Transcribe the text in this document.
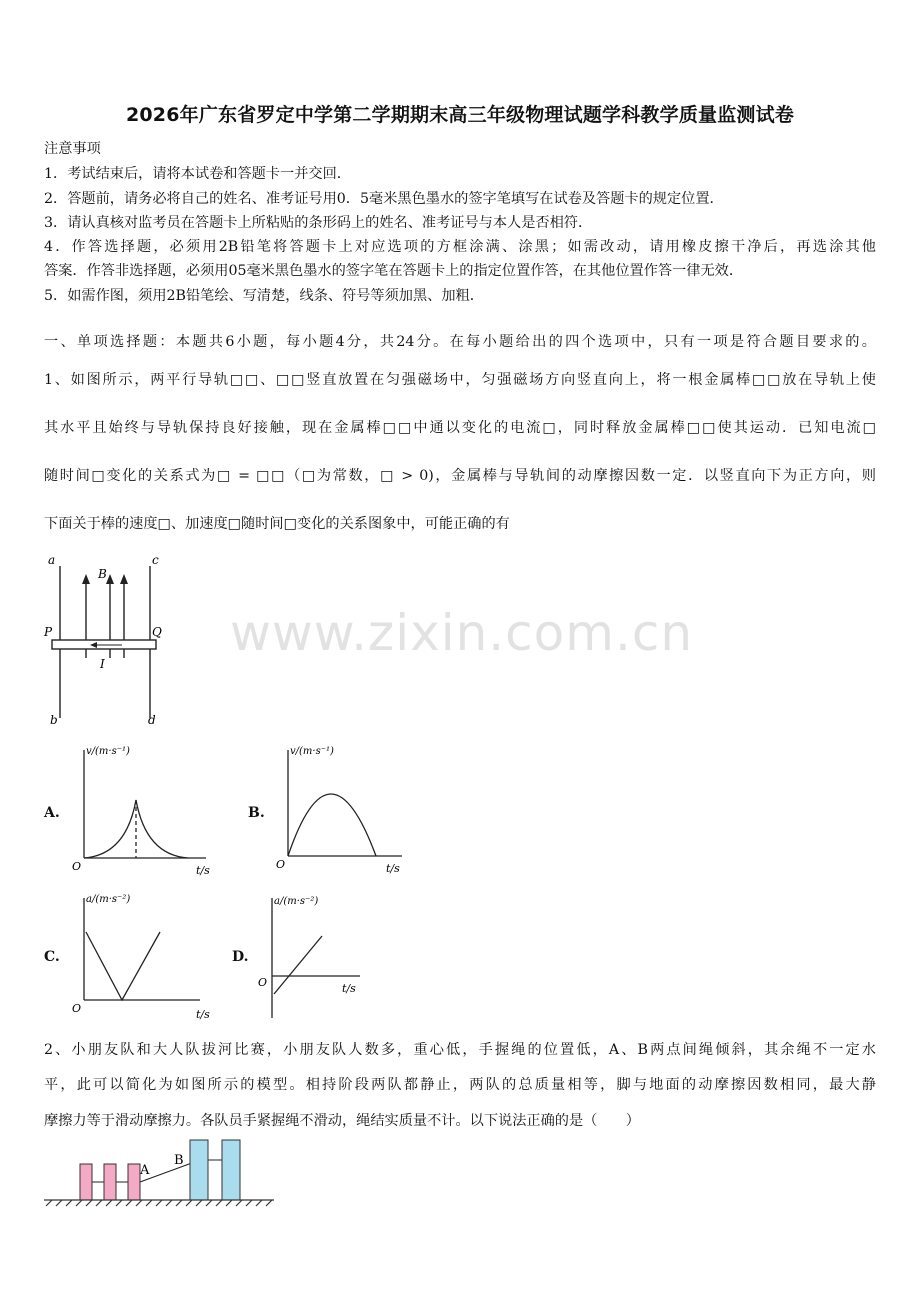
2026年广东省罗定中学第二学期期末高三年级物理试题学科教学质量监测试卷
注意事项
1．考试结束后，请将本试卷和答题卡一并交回．
2．答题前，请务必将自己的姓名、准考证号用0．5毫米黑色墨水的签字笔填写在试卷及答题卡的规定位置．
3．请认真核对监考员在答题卡上所粘贴的条形码上的姓名、准考证号与本人是否相符．
4．作答选择题，必须用2B铅笔将答题卡上对应选项的方框涂满、涂黑；如需改动，请用橡皮擦干净后，再选涂其他
答案．作答非选择题，必须用05毫米黑色墨水的签字笔在答题卡上的指定位置作答，在其他位置作答一律无效．
5．如需作图，须用2B铅笔绘、写清楚，线条、符号等须加黑、加粗．
一、单项选择题：本题共6小题，每小题4分，共24分。在每小题给出的四个选项中，只有一项是符合题目要求的。
1、如图所示，两平行导轨□□、□□竖直放置在匀强磁场中，匀强磁场方向竖直向上，将一根金属棒□□放在导轨上使
其水平且始终与导轨保持良好接触，现在金属棒□□中通以变化的电流□，同时释放金属棒□□使其运动．已知电流□
随时间□变化的关系式为□ = □□（□为常数，□ > 0)，金属棒与导轨间的动摩擦因数一定．以竖直向下为正方向，则
下面关于棒的速度□、加速度□随时间□变化的关系图象中，可能正确的有
www.zixin.com.cn
a	c
B
P	Q
I
b	d
A.
v/(m·s⁻¹)
O	t/s
B.
v/(m·s⁻¹)
O	t/s
C.
a/(m·s⁻²)
O	t/s
D.
a/(m·s⁻²)
O	t/s
2、小朋友队和大人队拔河比赛，小朋友队人数多，重心低，手握绳的位置低，A、B两点间绳倾斜，其余绳不一定水
平，此可以简化为如图所示的模型。相持阶段两队都静止，两队的总质量相等，脚与地面的动摩擦因数相同，最大静
摩擦力等于滑动摩擦力。各队员手紧握绳不滑动，绳结实质量不计。以下说法正确的是（　　）
A
B
